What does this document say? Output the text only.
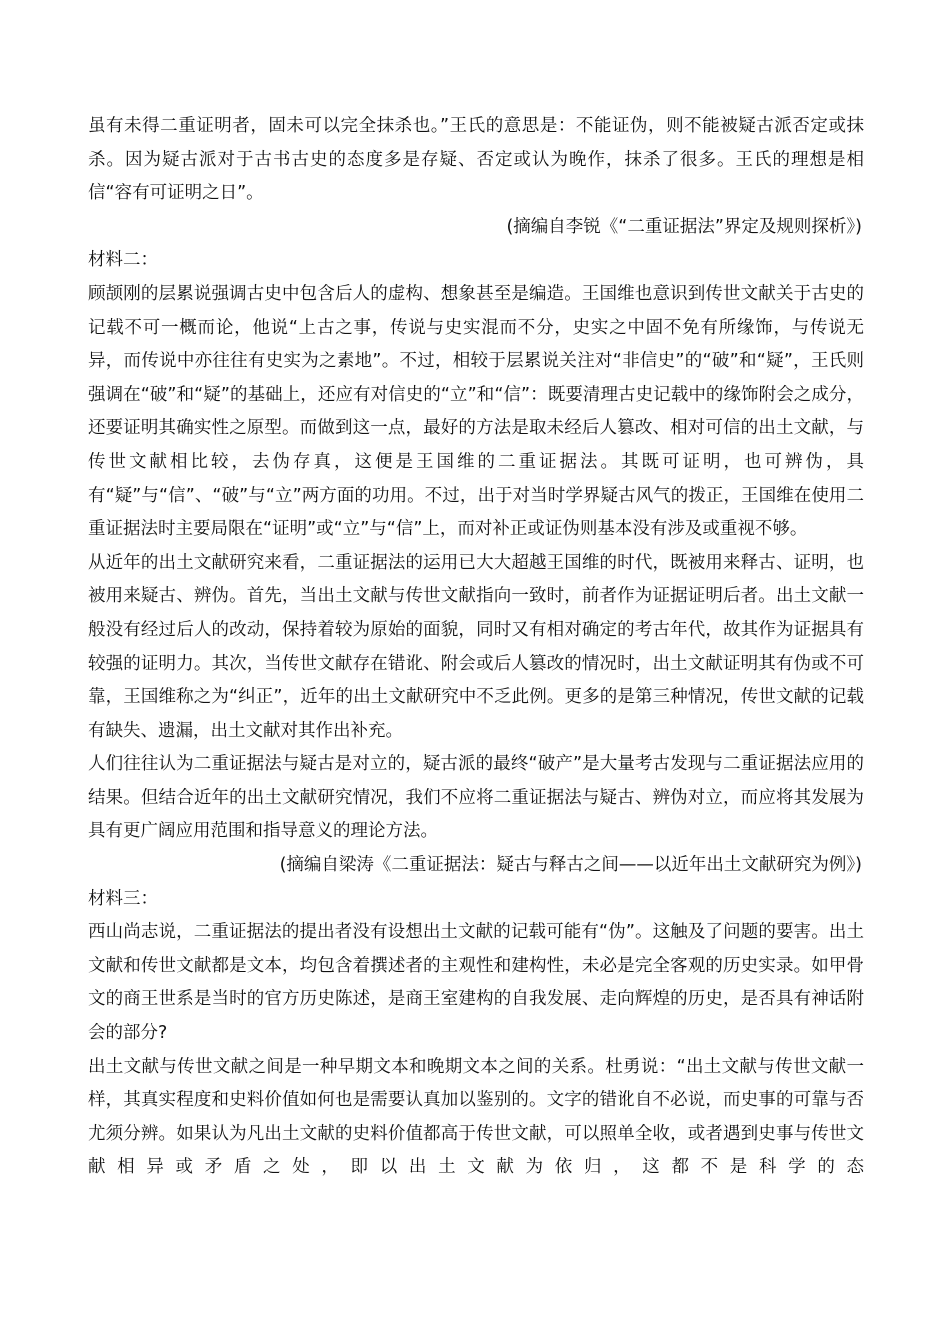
虽有未得二重证明者，固未可以完全抹杀也。”王氏的意思是：不能证伪，则不能被疑古派否定或抹杀。因为疑古派对于古书古史的态度多是存疑、否定或认为晚作，抹杀了很多。王氏的理想是相信“容有可证明之日”。

(摘编自李锐《“二重证据法”界定及规则探析》)

材料二：

顾颉刚的层累说强调古史中包含后人的虚构、想象甚至是编造。王国维也意识到传世文献关于古史的记载不可一概而论，他说“上古之事，传说与史实混而不分，史实之中固不免有所缘饰，与传说无异，而传说中亦往往有史实为之素地”。不过，相较于层累说关注对“非信史”的“破”和“疑”，王氏则强调在“破”和“疑”的基础上，还应有对信史的“立”和“信”：既要清理古史记载中的缘饰附会之成分，还要证明其确实性之原型。而做到这一点，最好的方法是取未经后人篡改、相对可信的出土文献，与传世文献相比较，去伪存真，这便是王国维的二重证据法。其既可证明，也可辨伪，具有“疑”与“信”、“破”与“立”两方面的功用。不过，出于对当时学界疑古风气的拨正，王国维在使用二重证据法时主要局限在“证明”或“立”与“信”上，而对补正或证伪则基本没有涉及或重视不够。

从近年的出土文献研究来看，二重证据法的运用已大大超越王国维的时代，既被用来释古、证明，也被用来疑古、辨伪。首先，当出土文献与传世文献指向一致时，前者作为证据证明后者。出土文献一般没有经过后人的改动，保持着较为原始的面貌，同时又有相对确定的考古年代，故其作为证据具有较强的证明力。其次，当传世文献存在错讹、附会或后人篡改的情况时，出土文献证明其有伪或不可靠，王国维称之为“纠正”，近年的出土文献研究中不乏此例。更多的是第三种情况，传世文献的记载有缺失、遗漏，出土文献对其作出补充。

人们往往认为二重证据法与疑古是对立的，疑古派的最终“破产”是大量考古发现与二重证据法应用的结果。但结合近年的出土文献研究情况，我们不应将二重证据法与疑古、辨伪对立，而应将其发展为具有更广阔应用范围和指导意义的理论方法。

(摘编自梁涛《二重证据法：疑古与释古之间——以近年出土文献研究为例》)

材料三：

西山尚志说，二重证据法的提出者没有设想出土文献的记载可能有“伪”。这触及了问题的要害。出土文献和传世文献都是文本，均包含着撰述者的主观性和建构性，未必是完全客观的历史实录。如甲骨文的商王世系是当时的官方历史陈述，是商王室建构的自我发展、走向辉煌的历史，是否具有神话附会的部分?

出土文献与传世文献之间是一种早期文本和晚期文本之间的关系。杜勇说：“出土文献与传世文献一样，其真实程度和史料价值如何也是需要认真加以鉴别的。文字的错讹自不必说，而史事的可靠与否尤须分辨。如果认为凡出土文献的史料价值都高于传世文献，可以照单全收，或者遇到史事与传世文献相异或矛盾之处，即以出土文献为依归，这都不是科学的态
